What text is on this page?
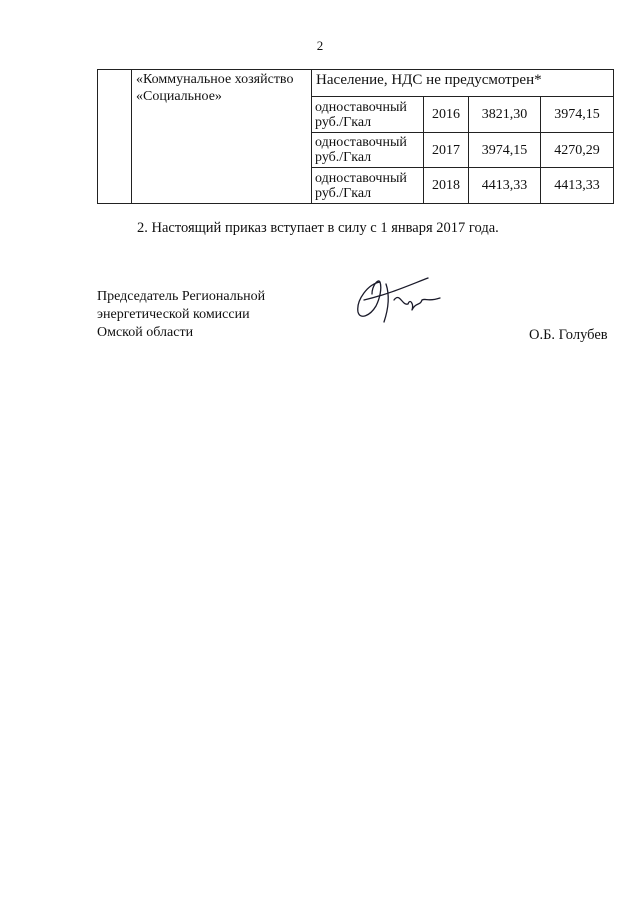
2

	«Коммунальное хозяйство
«Социальное»	Население, НДС не предусмотрен*			

		одноставочный
руб./Гкал	2016	3821,30	3974,15

		одноставочный
руб./Гкал	2017	3974,15	4270,29

		одноставочный
руб./Гкал	2018	4413,33	4413,33
2. Настоящий приказ вступает в силу с 1 января 2017 года.
Председатель Региональной
энергетической комиссии
Омской области	О.Б. Голубев
